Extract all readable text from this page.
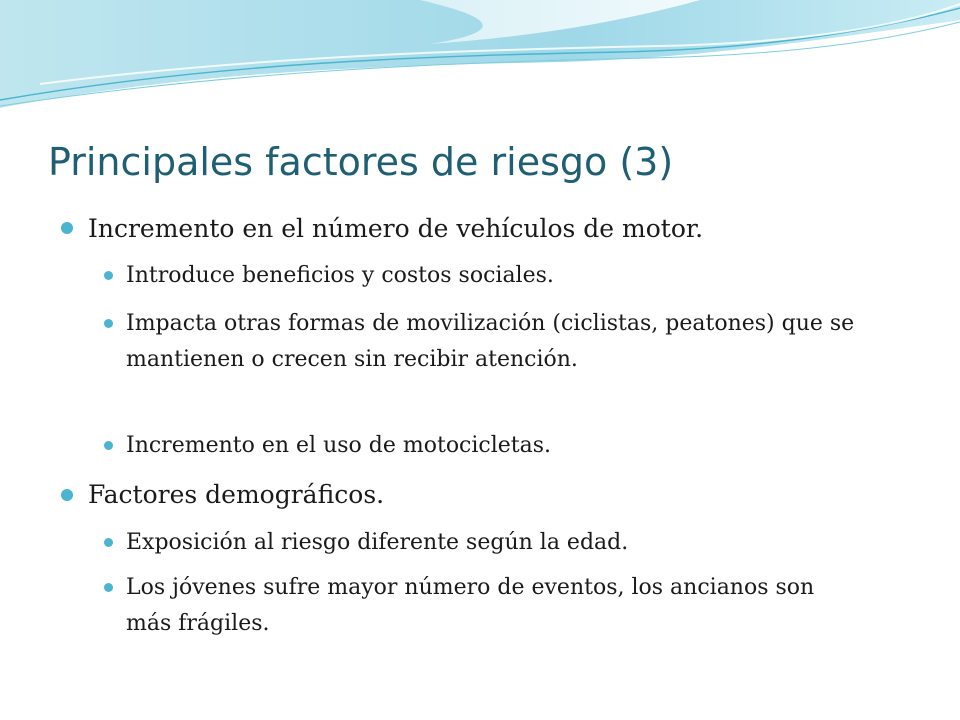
Principales factores de riesgo (3)
Incremento en el número de vehículos de motor.
Introduce beneficios y costos sociales.
Impacta otras formas de movilización (ciclistas, peatones) que se mantienen o crecen sin recibir atención.
Incremento en el uso de motocicletas.
Factores demográficos.
Exposición al riesgo diferente según la edad.
Los jóvenes sufre mayor número de eventos, los ancianos son más frágiles.
